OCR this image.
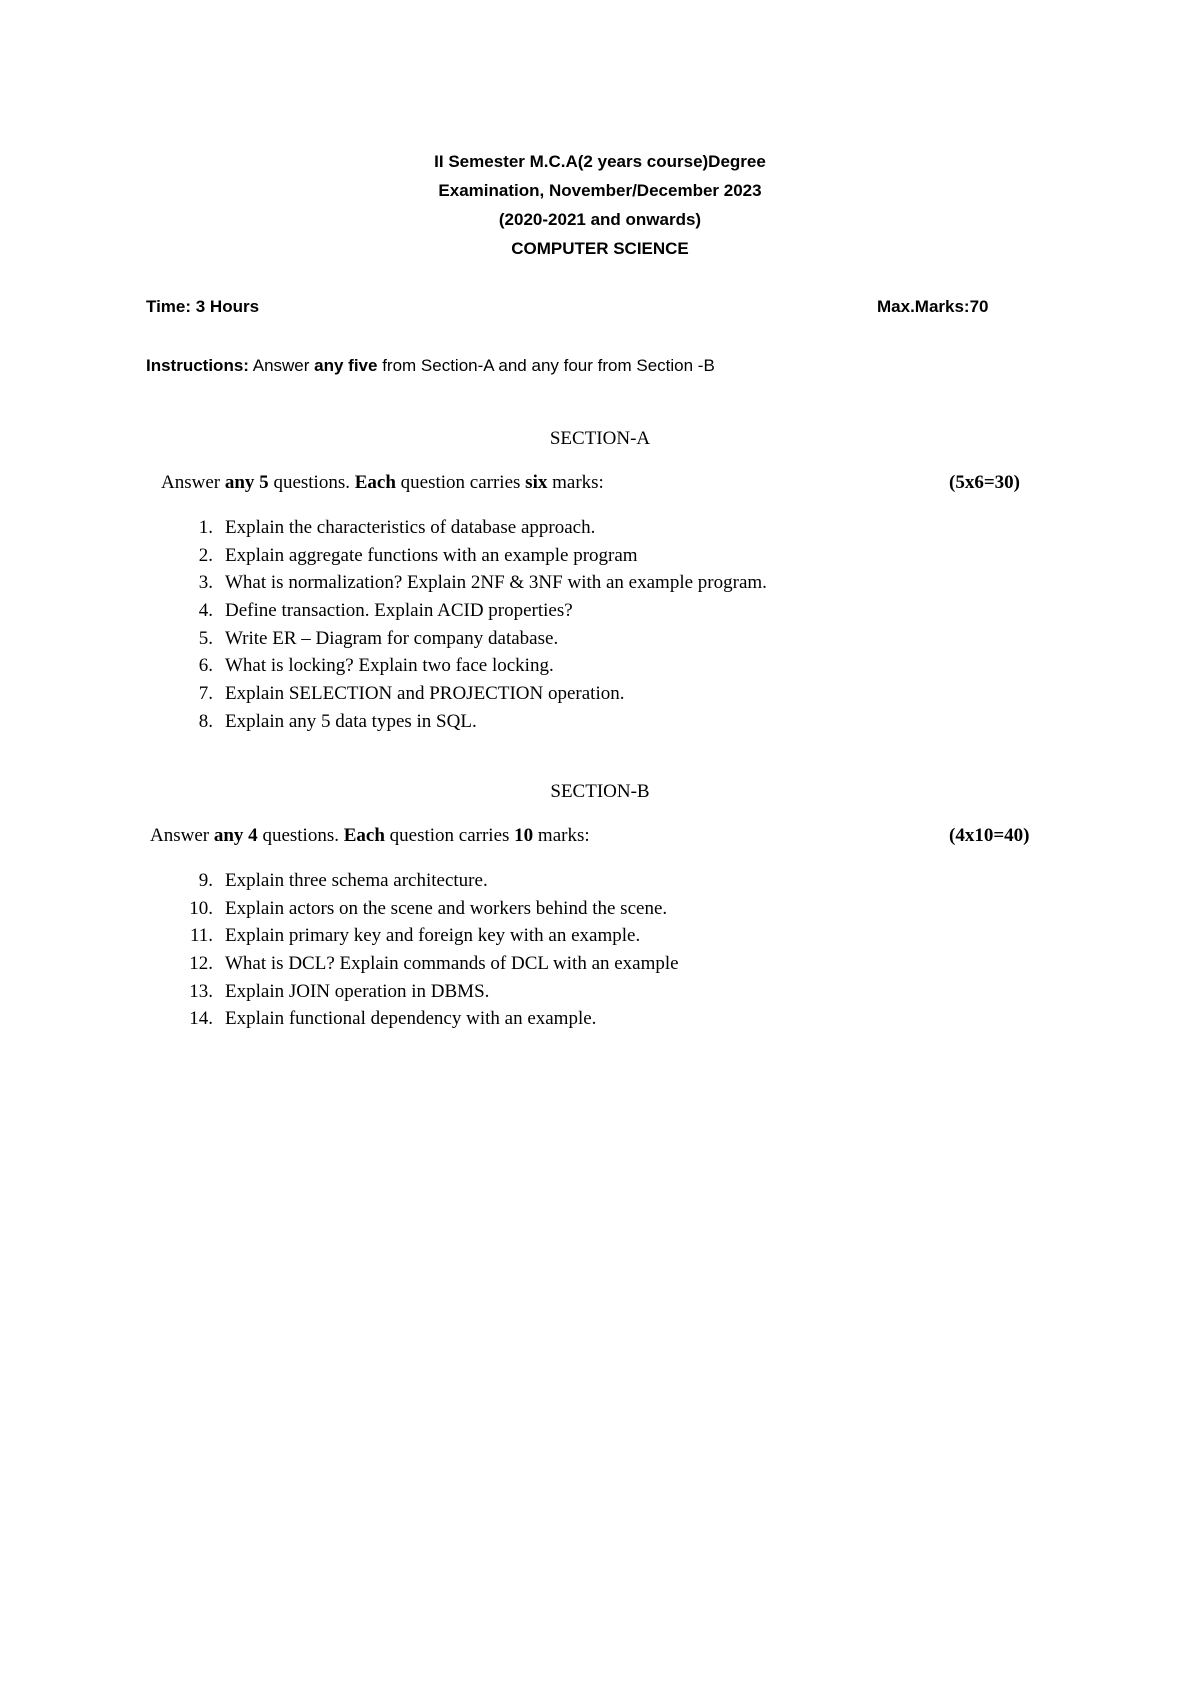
II Semester M.C.A(2 years course)Degree
Examination, November/December 2023
(2020-2021 and onwards)
COMPUTER SCIENCE
Time: 3 Hours	Max.Marks:70
Instructions: Answer any five from Section-A and any four from Section -B
SECTION-A
Answer any 5 questions. Each question carries six marks:	(5x6=30)
1. Explain the characteristics of database approach.
2. Explain aggregate functions with an example program
3. What is normalization? Explain 2NF & 3NF with an example program.
4. Define transaction. Explain ACID properties?
5. Write ER – Diagram for company database.
6. What is locking? Explain two face locking.
7. Explain SELECTION and PROJECTION operation.
8. Explain any 5 data types in SQL.
SECTION-B
Answer any 4 questions. Each question carries 10 marks:	(4x10=40)
9. Explain three schema architecture.
10. Explain actors on the scene and workers behind the scene.
11. Explain primary key and foreign key with an example.
12. What is DCL? Explain commands of DCL with an example
13. Explain JOIN operation in DBMS.
14. Explain functional dependency with an example.
